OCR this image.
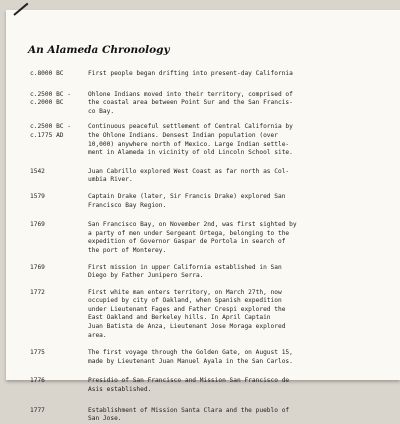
An Alameda Chronology
c.8000 BC	First people began drifting into present-day California
c.2500 BC -
c.2000 BC
Ohlone Indians moved into their territory, comprised of
the coastal area between Point Sur and the San Francis-
co Bay.
c.2500 BC -
c.1775 AD
Continuous peaceful settlement of Central California by
the Ohlone Indians. Densest Indian population (over
10,000) anywhere north of Mexico. Large Indian settle-
ment in Alameda in vicinity of old Lincoln School site.
1542	Juan Cabrillo explored West Coast as far north as Col-
umbia River.
1579	Captain Drake (later, Sir Francis Drake) explored San
Francisco Bay Region.
1769	San Francisco Bay, on November 2nd, was first sighted by
a party of men under Sergeant Ortega, belonging to the
expedition of Governor Gaspar de Portola in search of
the port of Monterey.
1769	First mission in upper California established in San
Diego by Father Junipero Serra.
1772	First white man enters territory, on March 27th, now
occupied by city of Oakland, when Spanish expedition
under Lieutenant Fages and Father Crespi explored the
East Oakland and Berkeley hills. In April Captain
Juan Batista de Anza, Lieutenant Jose Moraga explored
area.
1775	The first voyage through the Golden Gate, on August 15,
made by Lieutenant Juan Manuel Ayala in the San Carlos.
1776	Presidio of San Francisco and Mission San Francisco de
Asis established.
1777	Establishment of Mission Santa Clara and the pueblo of
San Jose.
